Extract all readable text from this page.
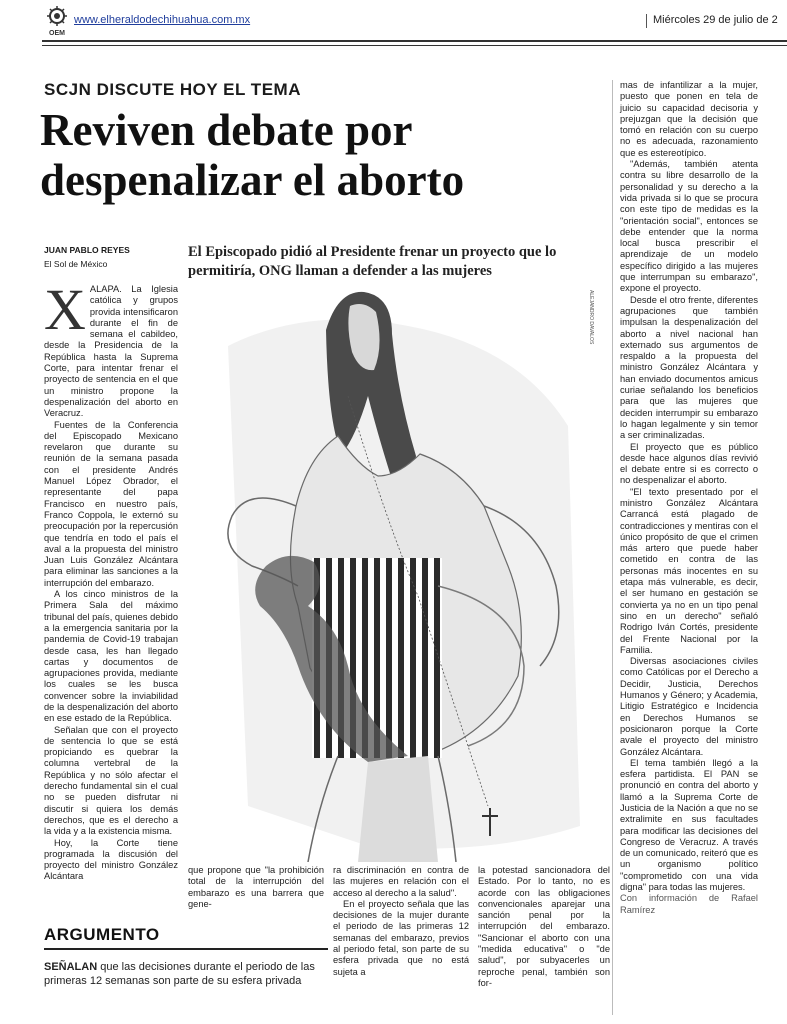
OEM
www.elheraldodechihuahua.com.mx	Miércoles 29 de julio de 2
SCJN DISCUTE HOY EL TEMA
Reviven debate por despenalizar el aborto
JUAN PABLO REYES
El Sol de México
El Episcopado pidió al Presidente frenar un proyecto que lo permitiría, ONG llaman a defender a las mujeres
X ALAPA. La Iglesia católica y grupos provida intensificaron durante el fin de semana el cabildeo, desde la Presidencia de la República hasta la Suprema Corte, para intentar frenar el proyecto de sentencia en el que un ministro propone la despenalización del aborto en Veracruz.

Fuentes de la Conferencia del Episcopado Mexicano revelaron que durante su reunión de la semana pasada con el presidente Andrés Manuel López Obrador, el representante del papa Francisco en nuestro país, Franco Coppola, le externó su preocupación por la repercusión que tendría en todo el país el aval a la propuesta del ministro Juan Luis González Alcántara para eliminar las sanciones a la interrupción del embarazo.

A los cinco ministros de la Primera Sala del máximo tribunal del país, quienes debido a la emergencia sanitaria por la pandemia de Covid-19 trabajan desde casa, les han llegado cartas y documentos de agrupaciones provida, mediante los cuales se les busca convencer sobre la inviabilidad de la despenalización del aborto en ese estado de la República.

Señalan que con el proyecto de sentencia lo que se está propiciando es quebrar la columna vertebral de la República y no sólo afectar el derecho fundamental sin el cual no se pueden disfrutar ni discutir si quiera los demás derechos, que es el derecho a la vida y a la existencia misma.

Hoy, la Corte tiene programada la discusión del proyecto del ministro González Alcántara

ALEJANDRO DAVALOS

que propone que "la prohibición total de la interrupción del embarazo es una barrera que gene-

ra discriminación en contra de las mujeres en relación con el acceso al derecho a la salud".

En el proyecto señala que las decisiones de la mujer durante el periodo de las primeras 12 semanas del embarazo, previos al periodo fetal, son parte de su esfera privada que no está sujeta a

la potestad sancionadora del Estado. Por lo tanto, no es acorde con las obligaciones convencionales aparejar una sanción penal por la interrupción del embarazo. "Sancionar el aborto con una "medida educativa" o "de salud", por subyacerles un reproche penal, también son for-

mas de infantilizar a la mujer, puesto que ponen en tela de juicio su capacidad decisoria y prejuzgan que la decisión que tomó en relación con su cuerpo no es adecuada, razonamiento que es estereotípico.

"Además, también atenta contra su libre desarrollo de la personalidad y su derecho a la vida privada si lo que se procura con este tipo de medidas es la "orientación social", entonces se debe entender que la norma local busca prescribir el aprendizaje de un modelo específico dirigido a las mujeres que interrumpan su embarazo", expone el proyecto.

Desde el otro frente, diferentes agrupaciones que también impulsan la despenalización del aborto a nivel nacional han externado sus argumentos de respaldo a la propuesta del ministro González Alcántara y han enviado documentos amicus curiae señalando los beneficios para que las mujeres que deciden interrumpir su embarazo lo hagan legalmente y sin temor a ser criminalizadas.

El proyecto que es público desde hace algunos días revivió el debate entre si es correcto o no despenalizar el aborto.

"El texto presentado por el ministro González Alcántara Carrancá está plagado de contradicciones y mentiras con el único propósito de que el crimen más artero que puede haber cometido en contra de las personas más inocentes en su etapa más vulnerable, es decir, el ser humano en gestación se convierta ya no en un tipo penal sino en un derecho" señaló Rodrigo Iván Cortés, presidente del Frente Nacional por la Familia.

Diversas asociaciones civiles como Católicas por el Derecho a Decidir, Justicia, Derechos Humanos y Género; y Academia, Litigio Estratégico e Incidencia en Derechos Humanos se posicionaron porque la Corte avale el proyecto del ministro González Alcántara.

El tema también llegó a la esfera partidista. El PAN se pronunció en contra del aborto y llamó a la Suprema Corte de Justicia de la Nación a que no se extralimite en sus facultades para modificar las decisiones del Congreso de Veracruz. A través de un comunicado, reiteró que es un organismo político "comprometido con una vida digna" para todas las mujeres.

Con información de Rafael Ramírez

ARGUMENTO
SEÑALAN que las decisiones durante el periodo de las primeras 12 semanas son parte de su esfera privada
